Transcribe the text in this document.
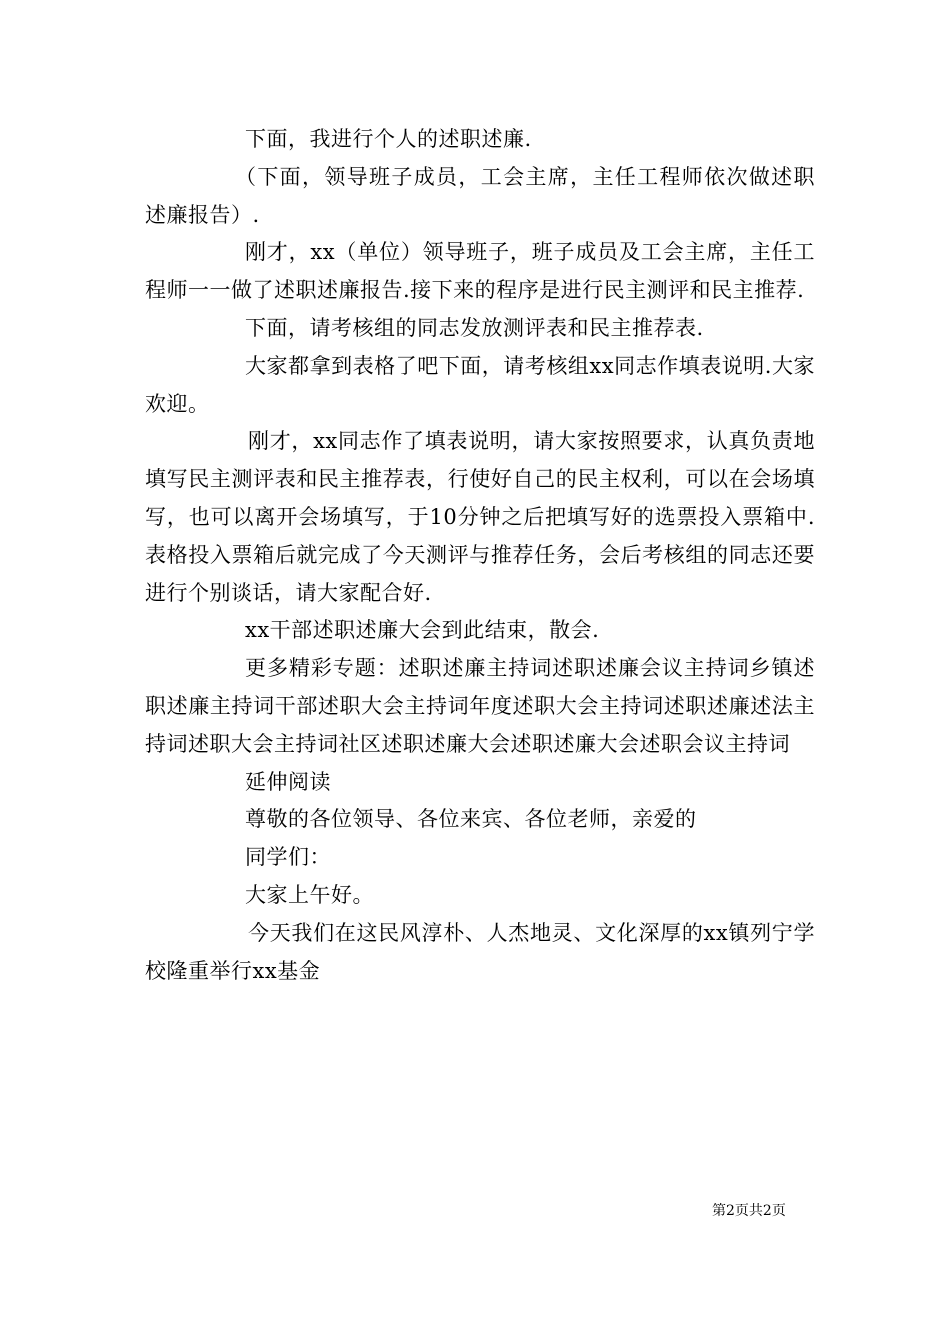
下面，我进行个人的述职述廉.

（下面，领导班子成员，工会主席，主任工程师依次做述职述廉报告）.

刚才，xx（单位）领导班子，班子成员及工会主席，主任工程师一一做了述职述廉报告.接下来的程序是进行民主测评和民主推荐.

下面，请考核组的同志发放测评表和民主推荐表.

大家都拿到表格了吧下面，请考核组xx同志作填表说明.大家欢迎。

刚才，xx同志作了填表说明，请大家按照要求，认真负责地填写民主测评表和民主推荐表，行使好自己的民主权利，可以在会场填写，也可以离开会场填写，于10分钟之后把填写好的选票投入票箱中.表格投入票箱后就完成了今天测评与推荐任务，会后考核组的同志还要进行个别谈话，请大家配合好.

xx干部述职述廉大会到此结束，散会.

更多精彩专题：述职述廉主持词述职述廉会议主持词乡镇述职述廉主持词干部述职大会主持词年度述职大会主持词述职述廉述法主持词述职大会主持词社区述职述廉大会述职述廉大会述职会议主持词

延伸阅读

尊敬的各位领导、各位来宾、各位老师，亲爱的

同学们：

大家上午好。

今天我们在这民风淳朴、人杰地灵、文化深厚的xx镇列宁学校隆重举行xx基金

第2页共2页
